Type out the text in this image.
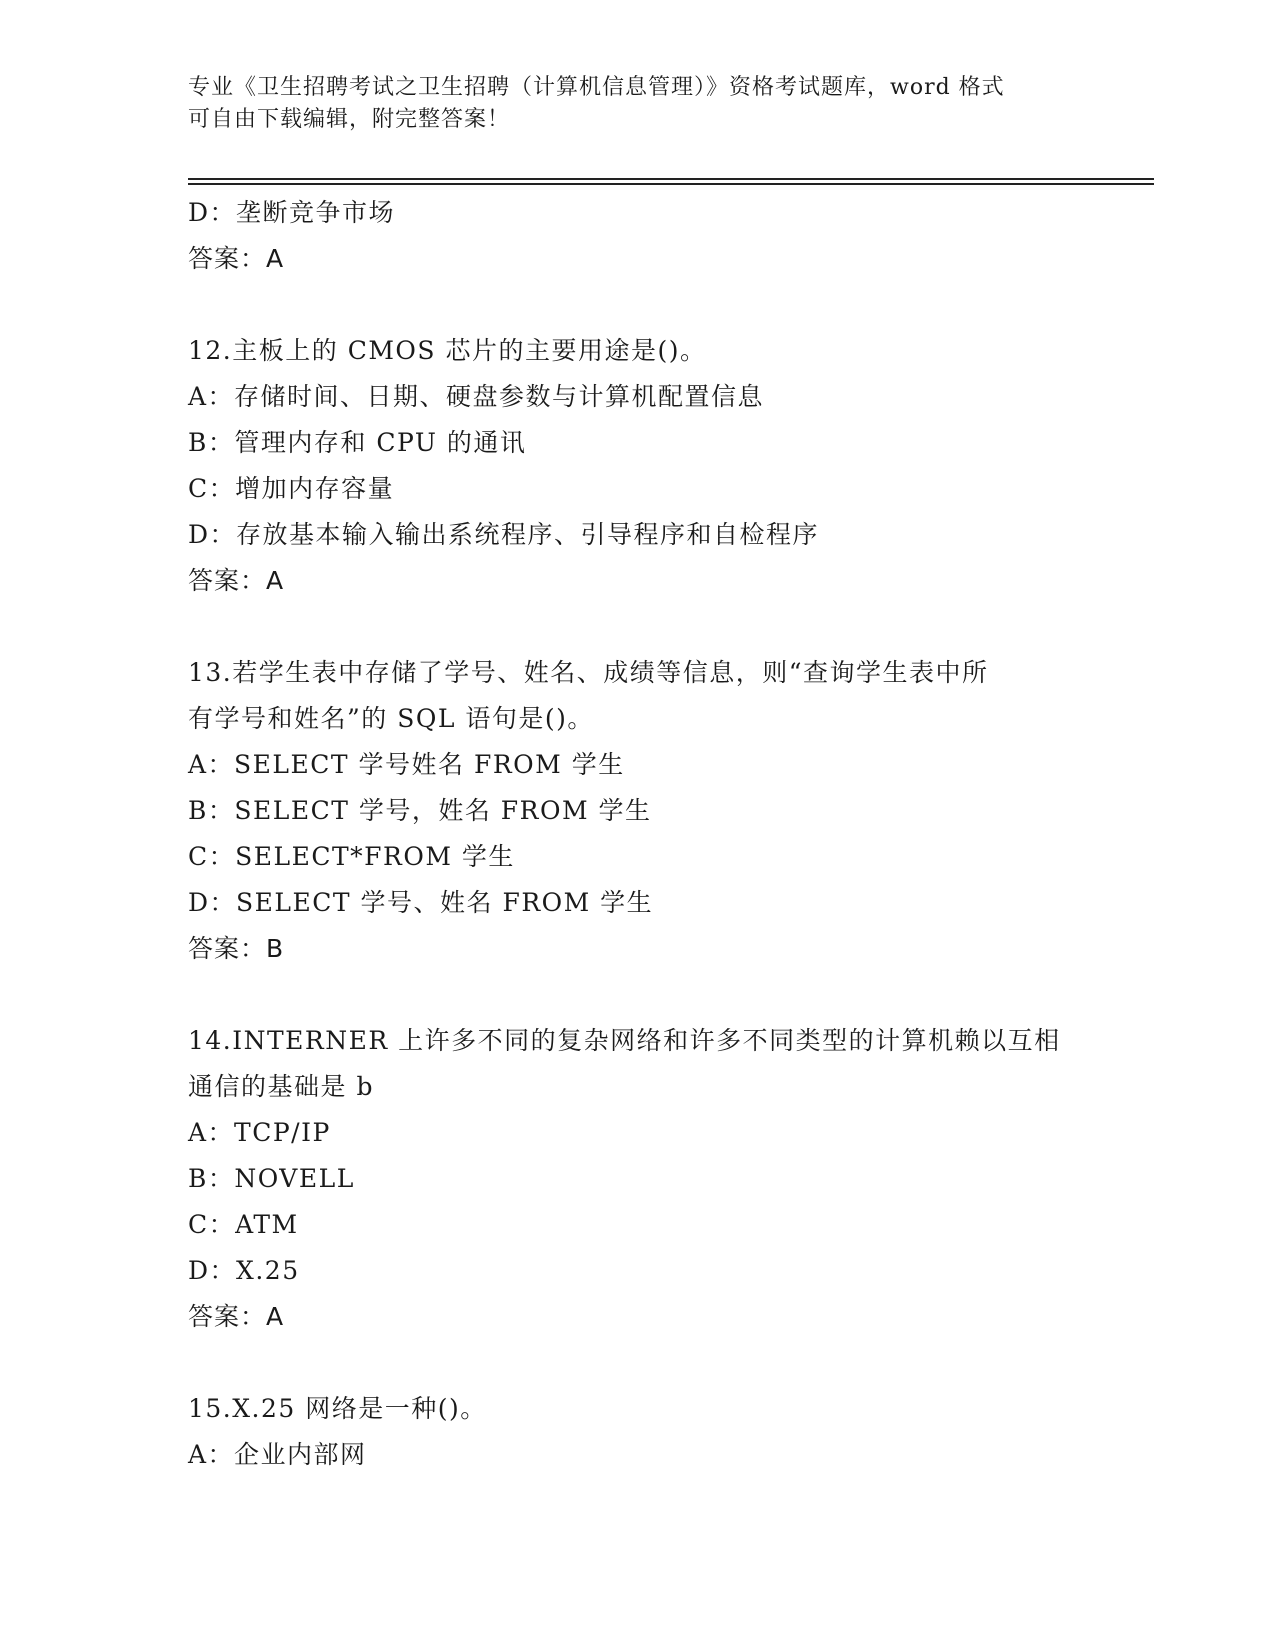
专业《卫生招聘考试之卫生招聘（计算机信息管理）》资格考试题库，word 格式
可自由下载编辑，附完整答案！
D：垄断竞争市场
答案：A
12.主板上的 CMOS 芯片的主要用途是()。
A：存储时间、日期、硬盘参数与计算机配置信息
B：管理内存和 CPU 的通讯
C：增加内存容量
D：存放基本输入输出系统程序、引导程序和自检程序
答案：A
13.若学生表中存储了学号、姓名、成绩等信息，则“查询学生表中所
有学号和姓名”的 SQL 语句是()。
A：SELECT 学号姓名 FROM 学生
B：SELECT 学号，姓名 FROM 学生
C：SELECT*FROM 学生
D：SELECT 学号、姓名 FROM 学生
答案：B
14.INTERNER 上许多不同的复杂网络和许多不同类型的计算机赖以互相
通信的基础是 b
A：TCP/IP
B：NOVELL
C：ATM
D：X.25
答案：A
15.X.25 网络是一种()。
A：企业内部网
